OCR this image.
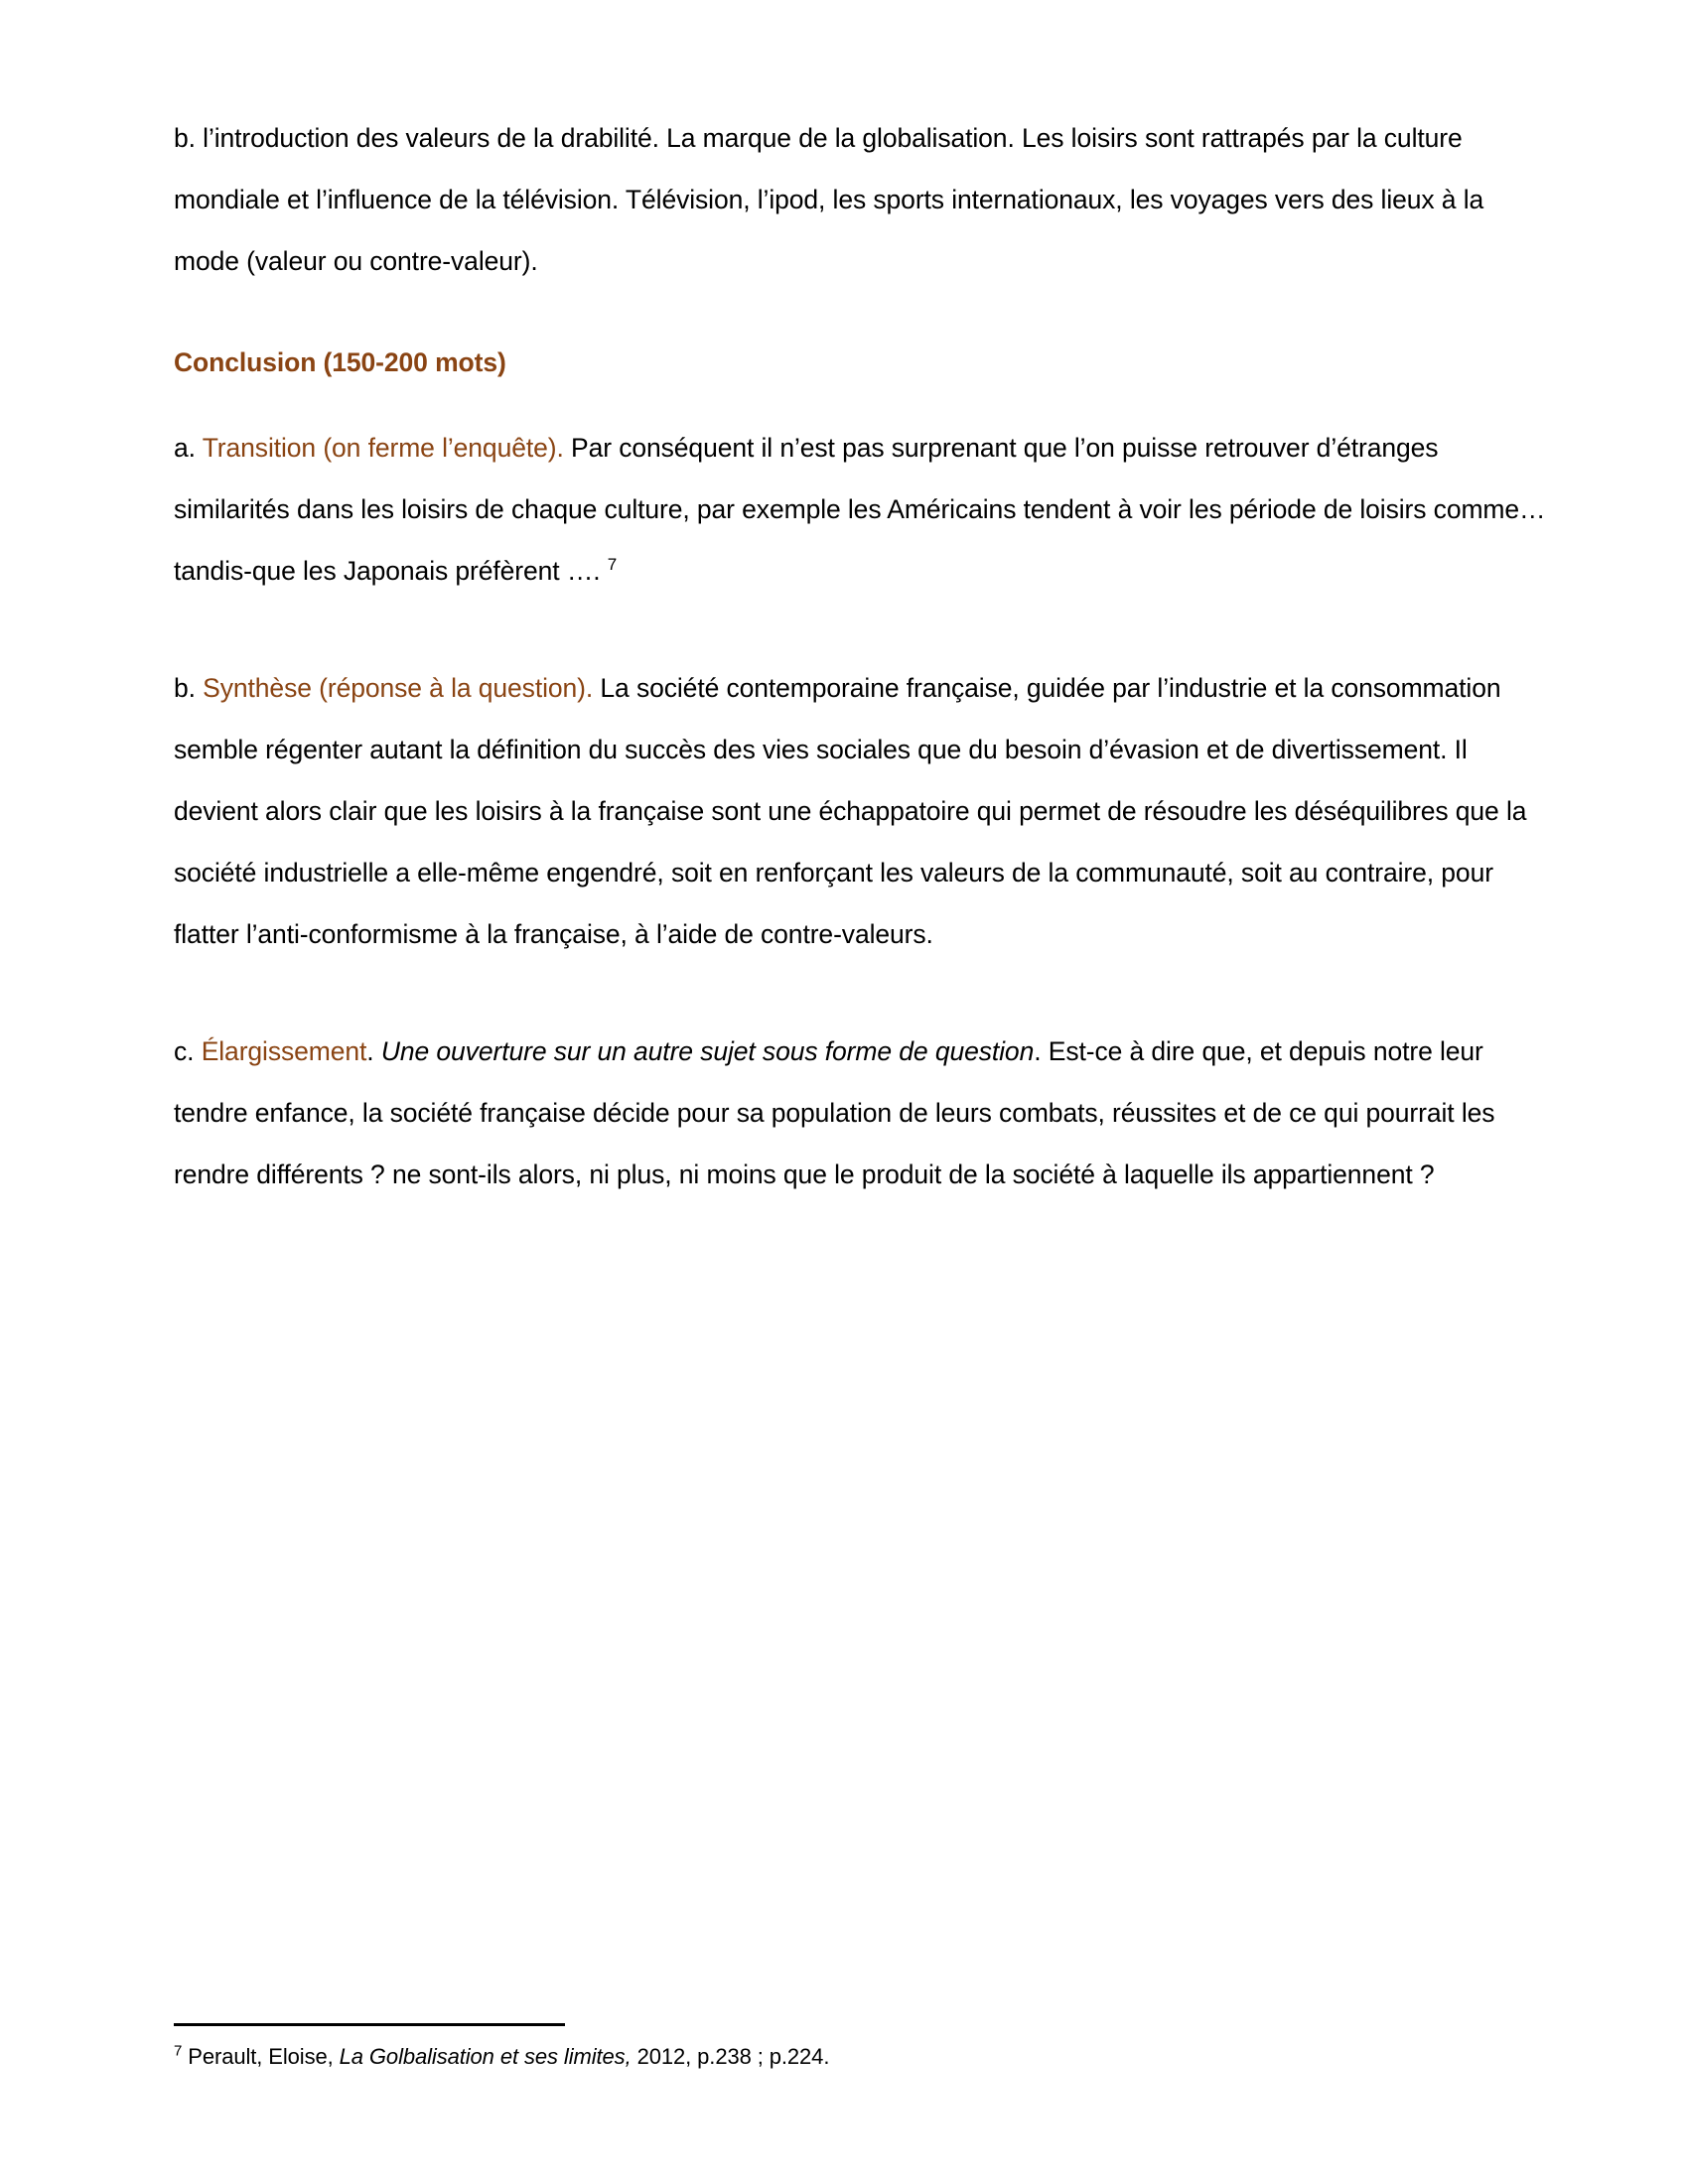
b. l’introduction des valeurs de la drabilité. La marque de la globalisation. Les loisirs sont rattrapés par la culture mondiale et l’influence de la télévision. Télévision, l’ipod, les sports internationaux, les voyages vers des lieux à la mode (valeur ou contre-valeur).

Conclusion (150-200 mots)

a. Transition (on ferme l’enquête). Par conséquent il n’est pas surprenant que l’on puisse retrouver d’étranges similarités dans les loisirs de chaque culture, par exemple les Américains tendent à voir les période de loisirs comme… tandis-que les Japonais préfèrent …. $^7$

b. Synthèse (réponse à la question). La société contemporaine française, guidée par l’industrie et la consommation semble régenter autant la définition du succès des vies sociales que du besoin d’évasion et de divertissement. Il devient alors clair que les loisirs à la française sont une échappatoire qui permet de résoudre les déséquilibres que la société industrielle a elle-même engendré, soit en renforçant les valeurs de la communauté, soit au contraire, pour flatter l’anti-conformisme à la française, à l’aide de contre-valeurs.

c. Élargissement. Une ouverture sur un autre sujet sous forme de question. Est-ce à dire que, et depuis notre leur tendre enfance, la société française décide pour sa population de leurs combats, réussites et de ce qui pourrait les rendre différents ? ne sont-ils alors, ni plus, ni moins que le produit de la société à laquelle ils appartiennent ?

$^7$ Perault, Eloise, La Golbalisation et ses limites, 2012, p.238 ; p.224.
